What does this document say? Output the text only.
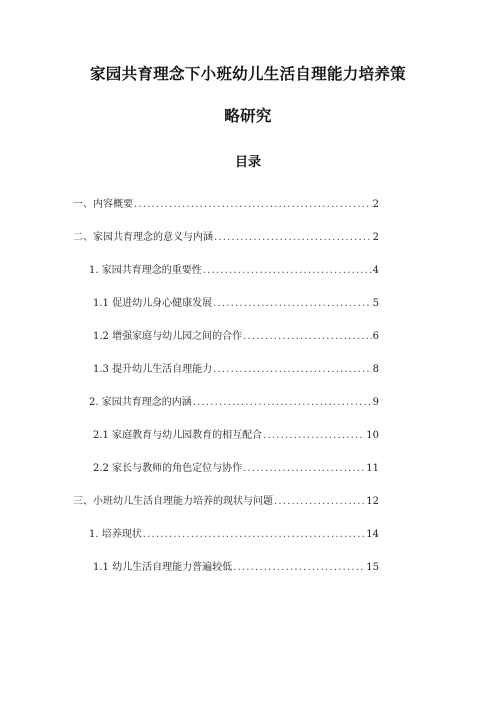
家园共育理念下小班幼儿生活自理能力培养策
略研究
目录
一、内容概要 .....	2
二、家园共育理念的意义与内涵 .....	2
1. 家园共育理念的重要性 .....	4
1.1 促进幼儿身心健康发展 .....	5
1.2 增强家庭与幼儿园之间的合作 .....	6
1.3 提升幼儿生活自理能力 .....	8
2. 家园共育理念的内涵 .....	9
2.1 家庭教育与幼儿园教育的相互配合 .....	10
2.2 家长与教师的角色定位与协作 .....	11
三、小班幼儿生活自理能力培养的现状与问题 .....	12
1. 培养现状 .....	14
1.1 幼儿生活自理能力普遍较低 .....	15
